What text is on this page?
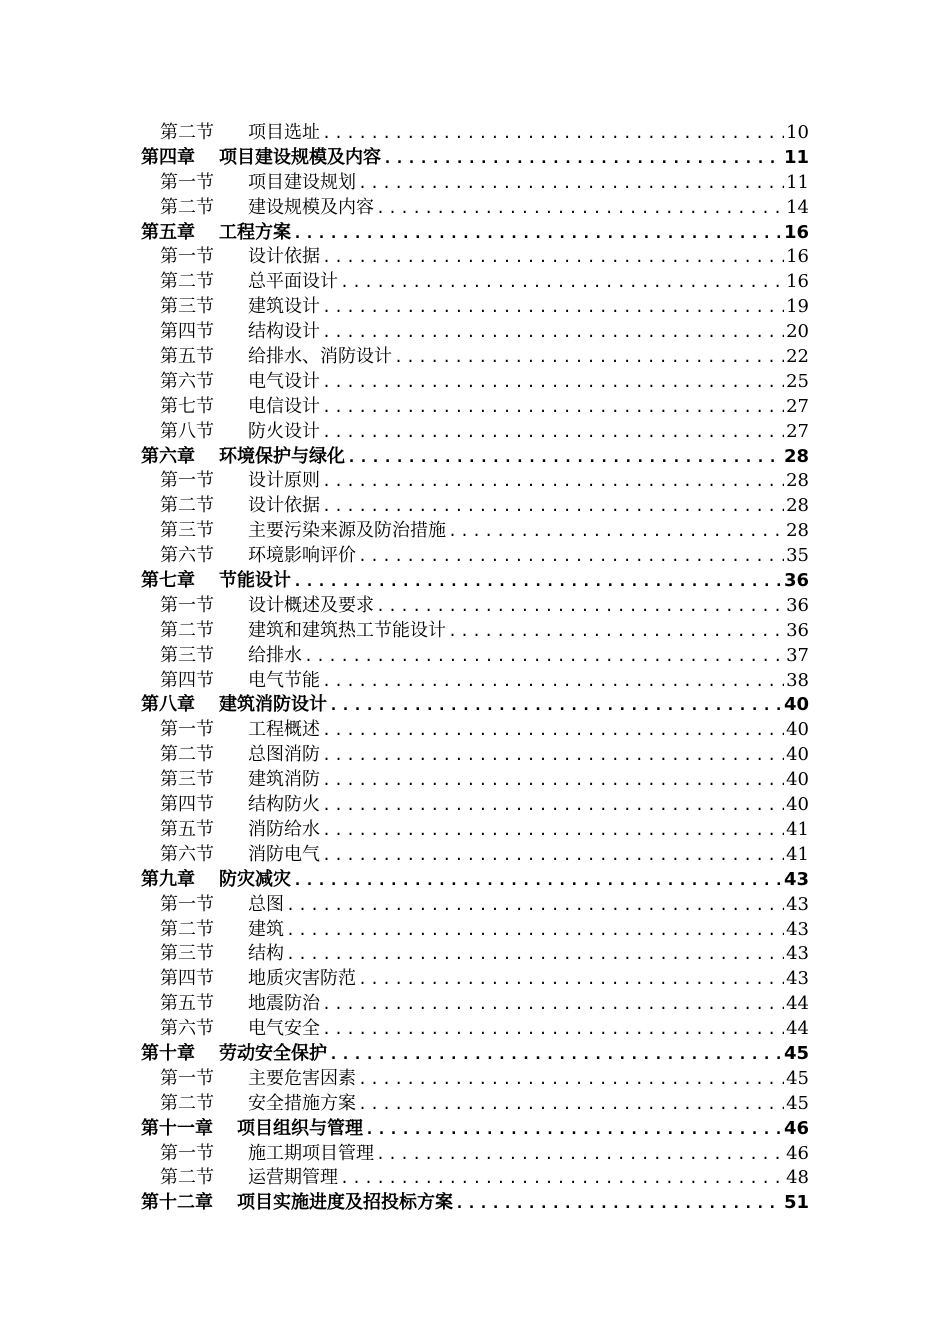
第二节 项目选址 .....	10
第四章 项目建设规模及内容 .....	11
第一节 项目建设规划 .....	11
第二节 建设规模及内容 .....	14
第五章 工程方案 .....	16
第一节 设计依据 .....	16
第二节 总平面设计 .....	16
第三节 建筑设计 .....	19
第四节 结构设计 .....	20
第五节 给排水、消防设计 .....	22
第六节 电气设计 .....	25
第七节 电信设计 .....	27
第八节 防火设计 .....	27
第六章 环境保护与绿化 .....	28
第一节 设计原则 .....	28
第二节 设计依据 .....	28
第三节 主要污染来源及防治措施 .....	28
第六节 环境影响评价 .....	35
第七章 节能设计 .....	36
第一节 设计概述及要求 .....	36
第二节 建筑和建筑热工节能设计 .....	36
第三节 给排水 .....	37
第四节 电气节能 .....	38
第八章 建筑消防设计 .....	40
第一节 工程概述 .....	40
第二节 总图消防 .....	40
第三节 建筑消防 .....	40
第四节 结构防火 .....	40
第五节 消防给水 .....	41
第六节 消防电气 .....	41
第九章 防灾减灾 .....	43
第一节 总图 .....	43
第二节 建筑 .....	43
第三节 结构 .....	43
第四节 地质灾害防范 .....	43
第五节 地震防治 .....	44
第六节 电气安全 .....	44
第十章 劳动安全保护 .....	45
第一节 主要危害因素 .....	45
第二节 安全措施方案 .....	45
第十一章 项目组织与管理 .....	46
第一节 施工期项目管理 .....	46
第二节 运营期管理 .....	48
第十二章 项目实施进度及招投标方案 .....	51
